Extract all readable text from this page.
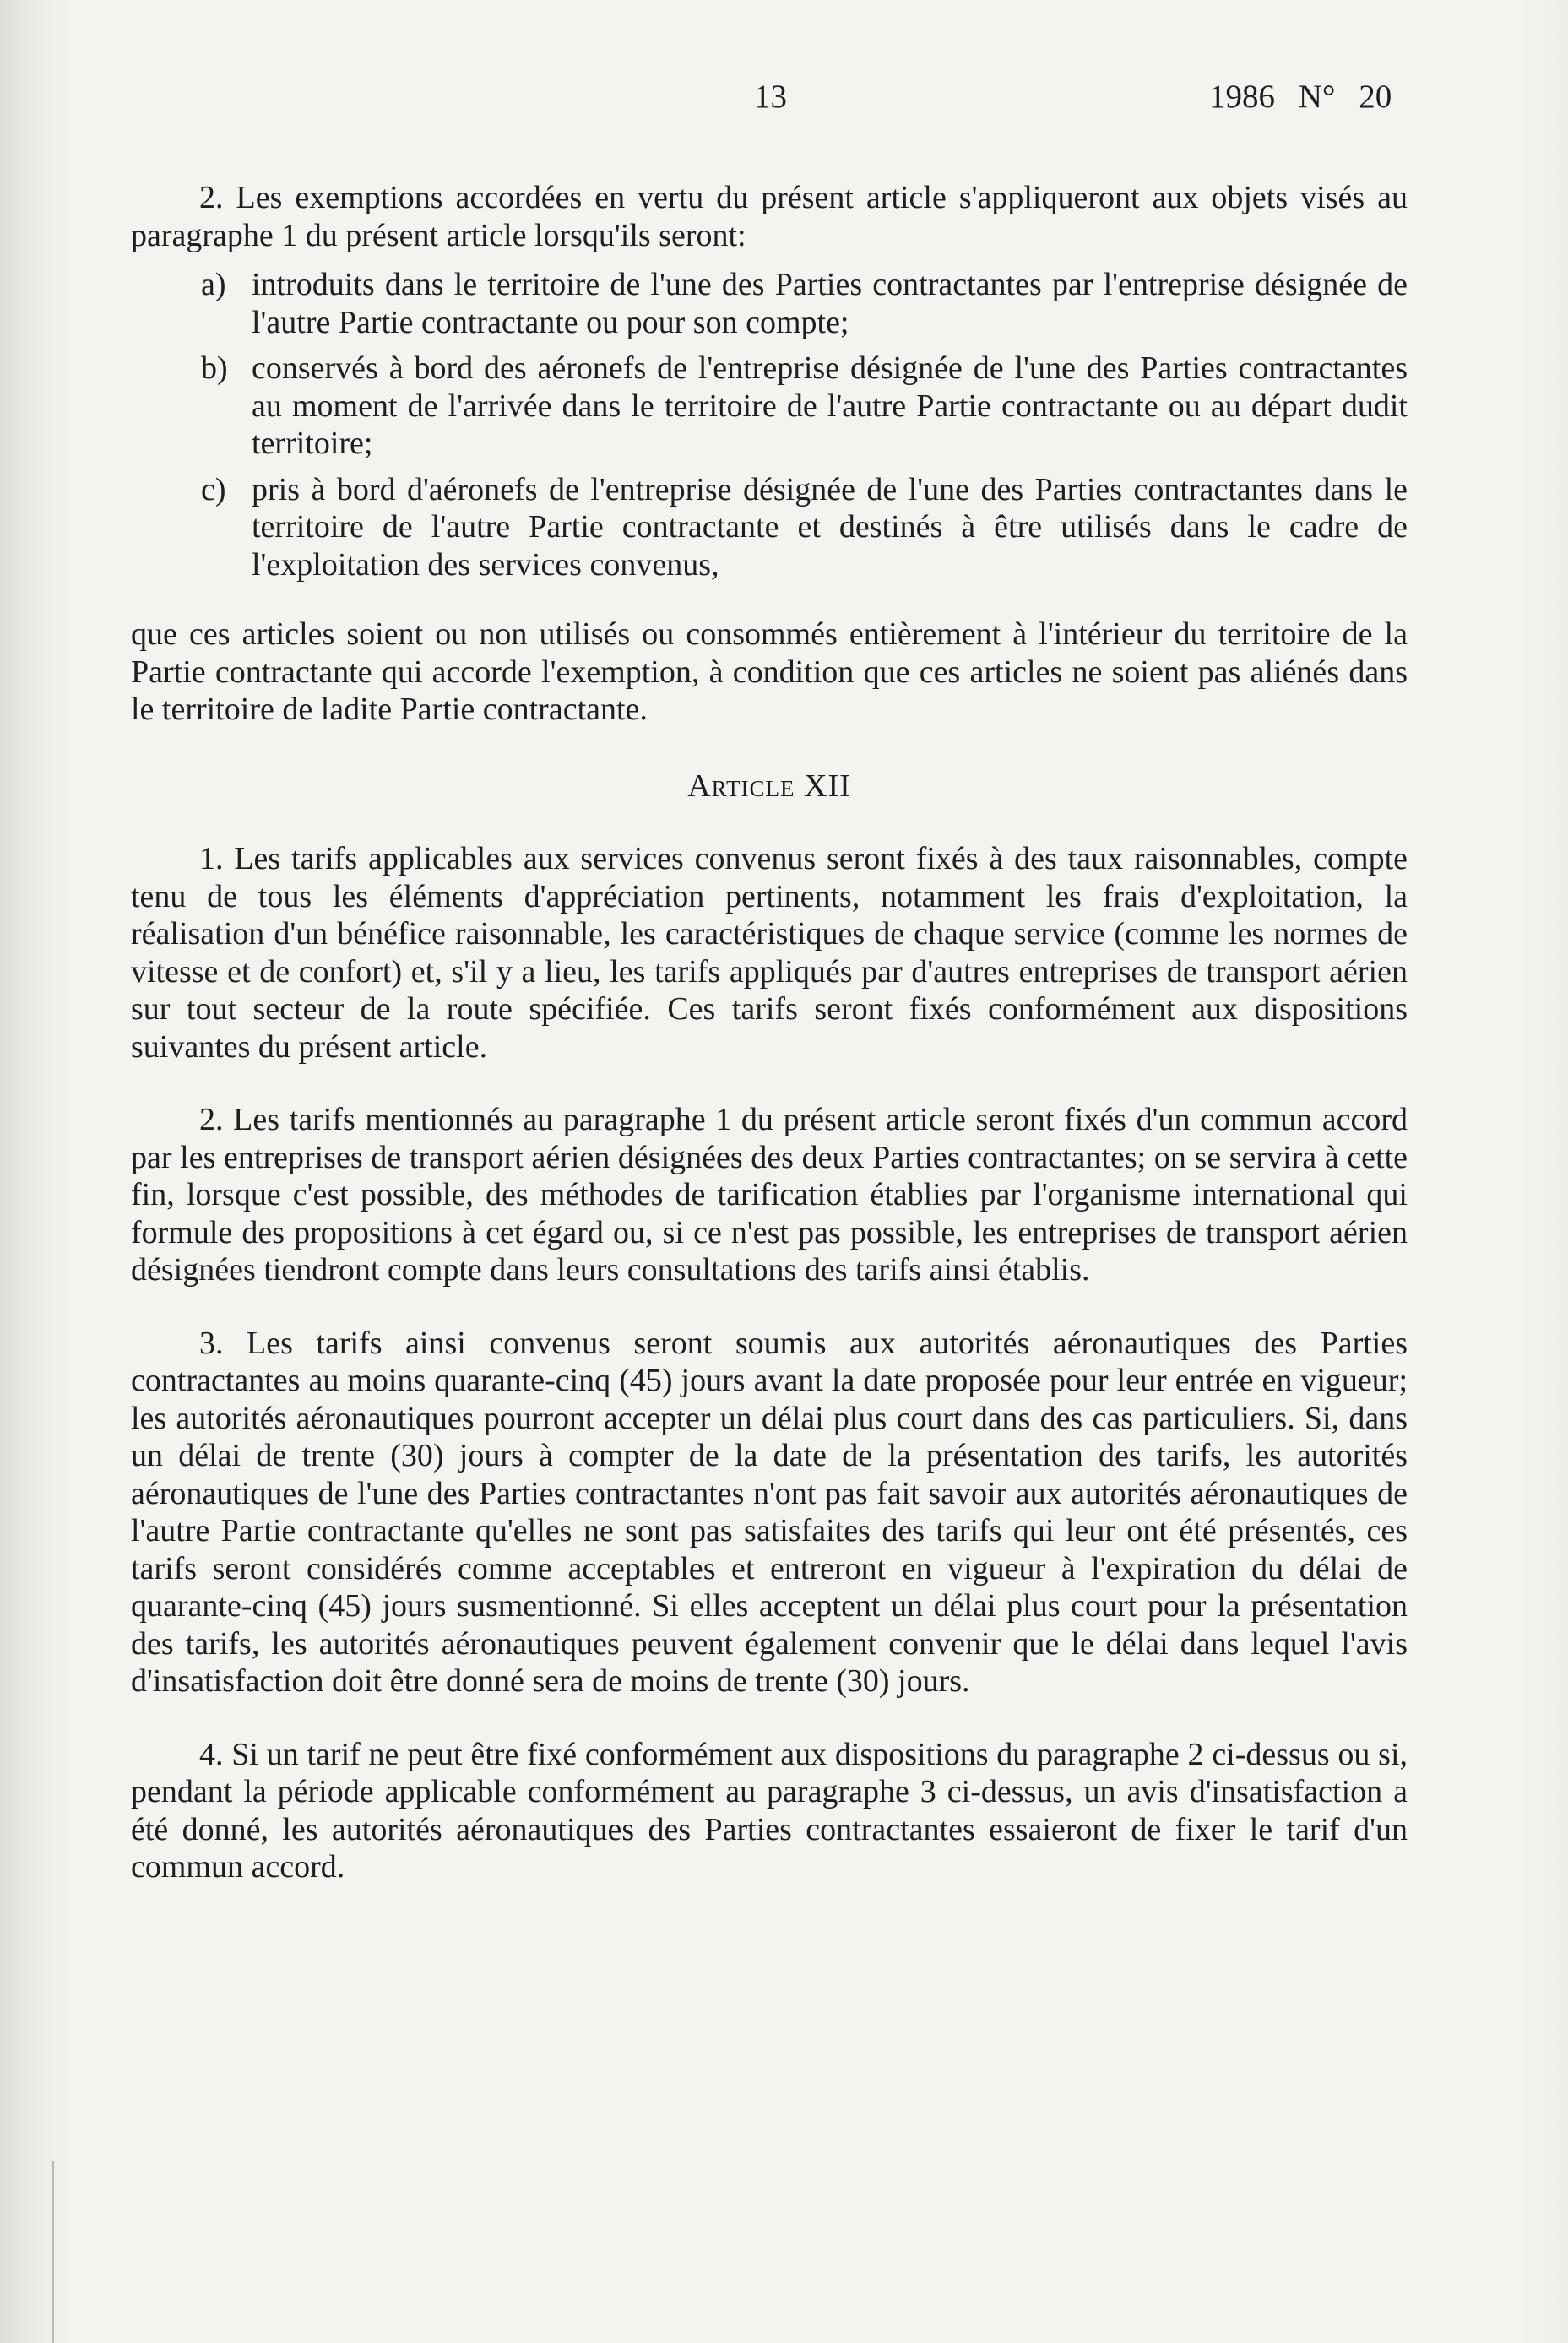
13	1986 N° 20

2. Les exemptions accordées en vertu du présent article s'appliqueront aux objets visés au paragraphe 1 du présent article lorsqu'ils seront:

a) introduits dans le territoire de l'une des Parties contractantes par l'entreprise désignée de l'autre Partie contractante ou pour son compte;
b) conservés à bord des aéronefs de l'entreprise désignée de l'une des Parties contractantes au moment de l'arrivée dans le territoire de l'autre Partie contractante ou au départ dudit territoire;
c) pris à bord d'aéronefs de l'entreprise désignée de l'une des Parties contractantes dans le territoire de l'autre Partie contractante et destinés à être utilisés dans le cadre de l'exploitation des services convenus,

que ces articles soient ou non utilisés ou consommés entièrement à l'intérieur du territoire de la Partie contractante qui accorde l'exemption, à condition que ces articles ne soient pas aliénés dans le territoire de ladite Partie contractante.

Article XII

1. Les tarifs applicables aux services convenus seront fixés à des taux raisonnables, compte tenu de tous les éléments d'appréciation pertinents, notamment les frais d'exploitation, la réalisation d'un bénéfice raisonnable, les caractéristiques de chaque service (comme les normes de vitesse et de confort) et, s'il y a lieu, les tarifs appliqués par d'autres entreprises de transport aérien sur tout secteur de la route spécifiée. Ces tarifs seront fixés conformément aux dispositions suivantes du présent article.

2. Les tarifs mentionnés au paragraphe 1 du présent article seront fixés d'un commun accord par les entreprises de transport aérien désignées des deux Parties contractantes; on se servira à cette fin, lorsque c'est possible, des méthodes de tarification établies par l'organisme international qui formule des propositions à cet égard ou, si ce n'est pas possible, les entreprises de transport aérien désignées tiendront compte dans leurs consultations des tarifs ainsi établis.

3. Les tarifs ainsi convenus seront soumis aux autorités aéronautiques des Parties contractantes au moins quarante-cinq (45) jours avant la date proposée pour leur entrée en vigueur; les autorités aéronautiques pourront accepter un délai plus court dans des cas particuliers. Si, dans un délai de trente (30) jours à compter de la date de la présentation des tarifs, les autorités aéronautiques de l'une des Parties contractantes n'ont pas fait savoir aux autorités aéronautiques de l'autre Partie contractante qu'elles ne sont pas satisfaites des tarifs qui leur ont été présentés, ces tarifs seront considérés comme acceptables et entreront en vigueur à l'expiration du délai de quarante-cinq (45) jours susmentionné. Si elles acceptent un délai plus court pour la présentation des tarifs, les autorités aéronautiques peuvent également convenir que le délai dans lequel l'avis d'insatisfaction doit être donné sera de moins de trente (30) jours.

4. Si un tarif ne peut être fixé conformément aux dispositions du paragraphe 2 ci-dessus ou si, pendant la période applicable conformément au paragraphe 3 ci-dessus, un avis d'insatisfaction a été donné, les autorités aéronautiques des Parties contractantes essaieront de fixer le tarif d'un commun accord.
